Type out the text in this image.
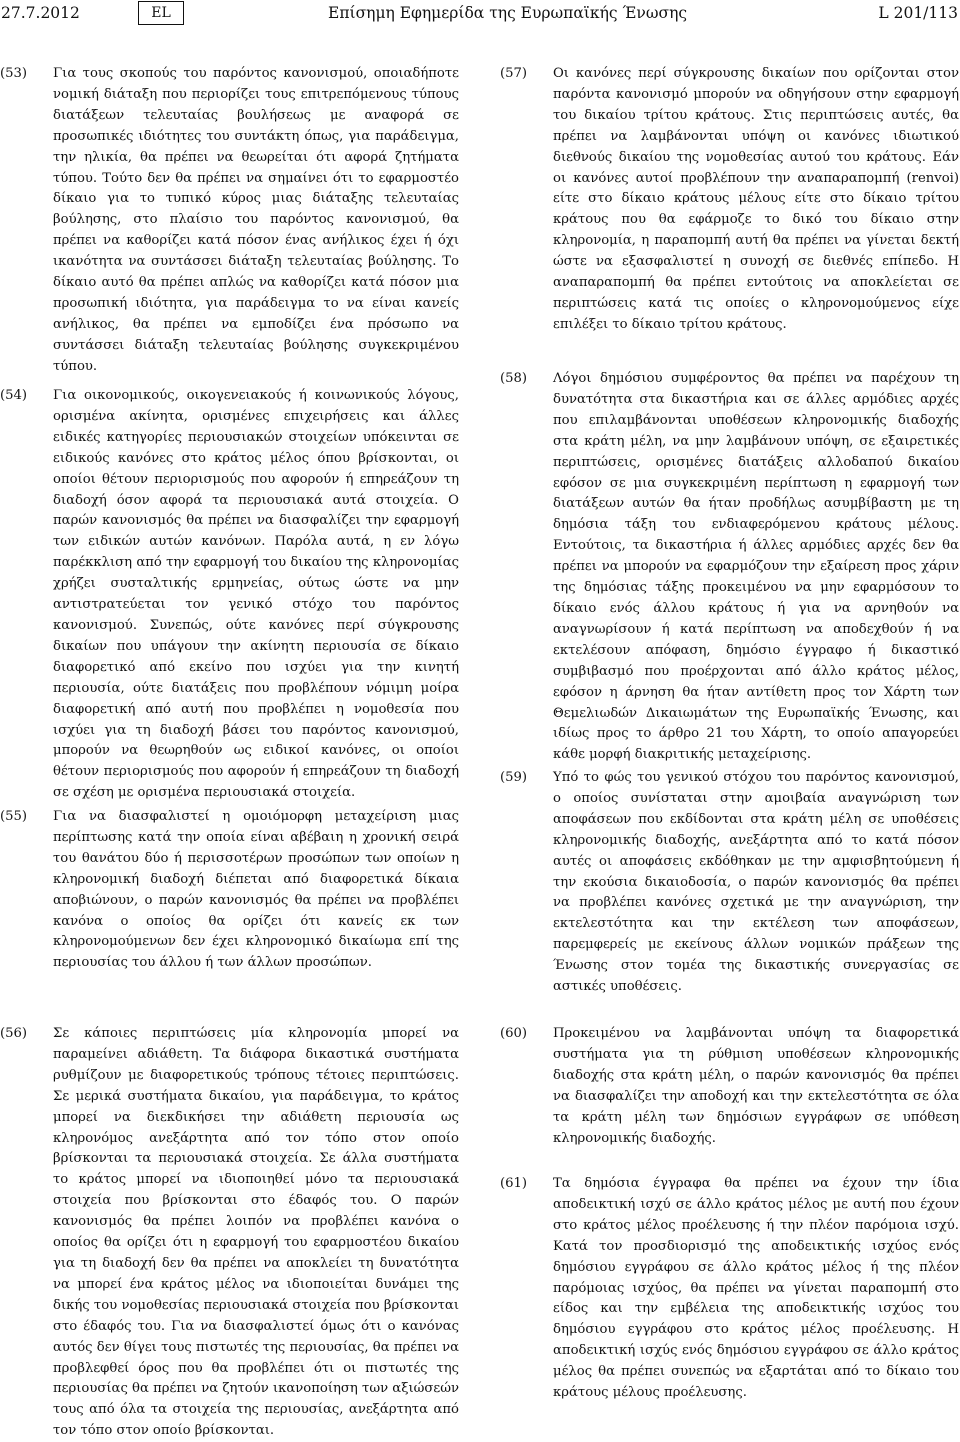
27.7.2012	EL	Επίσημη Εφημερίδα της Ευρωπαϊκής Ένωσης	L 201/113
(53) Για τους σκοπούς του παρόντος κανονισμού, οποιαδήποτε νομική διάταξη που περιορίζει τους επιτρεπόμενους τύπους διατάξεων τελευταίας βουλήσεως με αναφορά σε προσωπικές ιδιότητες του συντάκτη όπως, για παράδειγμα, την ηλικία, θα πρέπει να θεωρείται ότι αφορά ζητήματα τύπου. Τούτο δεν θα πρέπει να σημαίνει ότι το εφαρμοστέο δίκαιο για το τυπικό κύρος μιας διάταξης τελευταίας βούλησης, στο πλαίσιο του παρόντος κανονισμού, θα πρέπει να καθορίζει κατά πόσον ένας ανήλικος έχει ή όχι ικανότητα να συντάσσει διάταξη τελευταίας βούλησης. Το δίκαιο αυτό θα πρέπει απλώς να καθορίζει κατά πόσον μια προσωπική ιδιότητα, για παράδειγμα το να είναι κανείς ανήλικος, θα πρέπει να εμποδίζει ένα πρόσωπο να συντάσσει διάταξη τελευταίας βούλησης συγκεκριμένου τύπου.

(54) Για οικονομικούς, οικογενειακούς ή κοινωνικούς λόγους, ορισμένα ακίνητα, ορισμένες επιχειρήσεις και άλλες ειδικές κατηγορίες περιουσιακών στοιχείων υπόκεινται σε ειδικούς κανόνες στο κράτος μέλος όπου βρίσκονται, οι οποίοι θέτουν περιορισμούς που αφορούν ή επηρεάζουν τη διαδοχή όσον αφορά τα περιουσιακά αυτά στοιχεία. Ο παρών κανονισμός θα πρέπει να διασφαλίζει την εφαρμογή των ειδικών αυτών κανόνων. Παρόλα αυτά, η εν λόγω παρέκκλιση από την εφαρμογή του δικαίου της κληρονομίας χρήζει συσταλτικής ερμηνείας, ούτως ώστε να μην αντιστρατεύεται τον γενικό στόχο του παρόντος κανονισμού. Συνεπώς, ούτε κανόνες περί σύγκρουσης δικαίων που υπάγουν την ακίνητη περιουσία σε δίκαιο διαφορετικό από εκείνο που ισχύει για την κινητή περιουσία, ούτε διατάξεις που προβλέπουν νόμιμη μοίρα διαφορετική από αυτή που προβλέπει η νομοθεσία που ισχύει για τη διαδοχή βάσει του παρόντος κανονισμού, μπορούν να θεωρηθούν ως ειδικοί κανόνες, οι οποίοι θέτουν περιορισμούς που αφορούν ή επηρεάζουν τη διαδοχή σε σχέση με ορισμένα περιουσιακά στοιχεία.

(55) Για να διασφαλιστεί η ομοιόμορφη μεταχείριση μιας περίπτωσης κατά την οποία είναι αβέβαιη η χρονική σειρά του θανάτου δύο ή περισσοτέρων προσώπων των οποίων η κληρονομική διαδοχή διέπεται από διαφορετικά δίκαια αποβιώνουν, ο παρών κανονισμός θα πρέπει να προβλέπει κανόνα ο οποίος θα ορίζει ότι κανείς εκ των κληρονομούμενων δεν έχει κληρονομικό δικαίωμα επί της περιουσίας του άλλου ή των άλλων προσώπων.

(56) Σε κάποιες περιπτώσεις μία κληρονομία μπορεί να παραμείνει αδιάθετη. Τα διάφορα δικαστικά συστήματα ρυθμίζουν με διαφορετικούς τρόπους τέτοιες περιπτώσεις. Σε μερικά συστήματα δικαίου, για παράδειγμα, το κράτος μπορεί να διεκδικήσει την αδιάθετη περιουσία ως κληρονόμος ανεξάρτητα από τον τόπο στον οποίο βρίσκονται τα περιουσιακά στοιχεία. Σε άλλα συστήματα το κράτος μπορεί να ιδιοποιηθεί μόνο τα περιουσιακά στοιχεία που βρίσκονται στο έδαφός του. Ο παρών κανονισμός θα πρέπει λοιπόν να προβλέπει κανόνα ο οποίος θα ορίζει ότι η εφαρμογή του εφαρμοστέου δικαίου για τη διαδοχή δεν θα πρέπει να αποκλείει τη δυνατότητα να μπορεί ένα κράτος μέλος να ιδιοποιείται δυνάμει της δικής του νομοθεσίας περιουσιακά στοιχεία που βρίσκονται στο έδαφός του. Για να διασφαλιστεί όμως ότι ο κανόνας αυτός δεν θίγει τους πιστωτές της περιουσίας, θα πρέπει να προβλεφθεί όρος που θα προβλέπει ότι οι πιστωτές της περιουσίας θα πρέπει να ζητούν ικανοποίηση των αξιώσεών τους από όλα τα στοιχεία της περιουσίας, ανεξάρτητα από τον τόπο στον οποίο βρίσκονται.

(57) Οι κανόνες περί σύγκρουσης δικαίων που ορίζονται στον παρόντα κανονισμό μπορούν να οδηγήσουν στην εφαρμογή του δικαίου τρίτου κράτους. Στις περιπτώσεις αυτές, θα πρέπει να λαμβάνονται υπόψη οι κανόνες ιδιωτικού διεθνούς δικαίου της νομοθεσίας αυτού του κράτους. Εάν οι κανόνες αυτοί προβλέπουν την αναπαραπομπή (renvoi) είτε στο δίκαιο κράτους μέλους είτε στο δίκαιο τρίτου κράτους που θα εφάρμοζε το δικό του δίκαιο στην κληρονομία, η παραπομπή αυτή θα πρέπει να γίνεται δεκτή ώστε να εξασφαλιστεί η συνοχή σε διεθνές επίπεδο. Η αναπαραπομπή θα πρέπει εντούτοις να αποκλείεται σε περιπτώσεις κατά τις οποίες ο κληρονομούμενος είχε επιλέξει το δίκαιο τρίτου κράτους.

(58) Λόγοι δημόσιου συμφέροντος θα πρέπει να παρέχουν τη δυνατότητα στα δικαστήρια και σε άλλες αρμόδιες αρχές που επιλαμβάνονται υποθέσεων κληρονομικής διαδοχής στα κράτη μέλη, να μην λαμβάνουν υπόψη, σε εξαιρετικές περιπτώσεις, ορισμένες διατάξεις αλλοδαπού δικαίου εφόσον σε μια συγκεκριμένη περίπτωση η εφαρμογή των διατάξεων αυτών θα ήταν προδήλως ασυμβίβαστη με τη δημόσια τάξη του ενδιαφερόμενου κράτους μέλους. Εντούτοις, τα δικαστήρια ή άλλες αρμόδιες αρχές δεν θα πρέπει να μπορούν να εφαρμόζουν την εξαίρεση προς χάριν της δημόσιας τάξης προκειμένου να μην εφαρμόσουν το δίκαιο ενός άλλου κράτους ή για να αρνηθούν να αναγνωρίσουν ή κατά περίπτωση να αποδεχθούν ή να εκτελέσουν απόφαση, δημόσιο έγγραφο ή δικαστικό συμβιβασμό που προέρχονται από άλλο κράτος μέλος, εφόσον η άρνηση θα ήταν αντίθετη προς τον Χάρτη των Θεμελιωδών Δικαιωμάτων της Ευρωπαϊκής Ένωσης, και ιδίως προς το άρθρο 21 του Χάρτη, το οποίο απαγορεύει κάθε μορφή διακριτικής μεταχείρισης.

(59) Υπό το φώς του γενικού στόχου του παρόντος κανονισμού, ο οποίος συνίσταται στην αμοιβαία αναγνώριση των αποφάσεων που εκδίδονται στα κράτη μέλη σε υποθέσεις κληρονομικής διαδοχής, ανεξάρτητα από το κατά πόσον αυτές οι αποφάσεις εκδόθηκαν με την αμφισβητούμενη ή την εκούσια δικαιοδοσία, ο παρών κανονισμός θα πρέπει να προβλέπει κανόνες σχετικά με την αναγνώριση, την εκτελεστότητα και την εκτέλεση των αποφάσεων, παρεμφερείς με εκείνους άλλων νομικών πράξεων της Ένωσης στον τομέα της δικαστικής συνεργασίας σε αστικές υποθέσεις.

(60) Προκειμένου να λαμβάνονται υπόψη τα διαφορετικά συστήματα για τη ρύθμιση υποθέσεων κληρονομικής διαδοχής στα κράτη μέλη, ο παρών κανονισμός θα πρέπει να διασφαλίζει την αποδοχή και την εκτελεστότητα σε όλα τα κράτη μέλη των δημόσιων εγγράφων σε υπόθεση κληρονομικής διαδοχής.

(61) Τα δημόσια έγγραφα θα πρέπει να έχουν την ίδια αποδεικτική ισχύ σε άλλο κράτος μέλος με αυτή που έχουν στο κράτος μέλος προέλευσης ή την πλέον παρόμοια ισχύ. Κατά τον προσδιορισμό της αποδεικτικής ισχύος ενός δημόσιου εγγράφου σε άλλο κράτος μέλος ή της πλέον παρόμοιας ισχύος, θα πρέπει να γίνεται παραπομπή στο είδος και την εμβέλεια της αποδεικτικής ισχύος του δημόσιου εγγράφου στο κράτος μέλος προέλευσης. Η αποδεικτική ισχύς ενός δημόσιου εγγράφου σε άλλο κράτος μέλος θα πρέπει συνεπώς να εξαρτάται από το δίκαιο του κράτους μέλους προέλευσης.
